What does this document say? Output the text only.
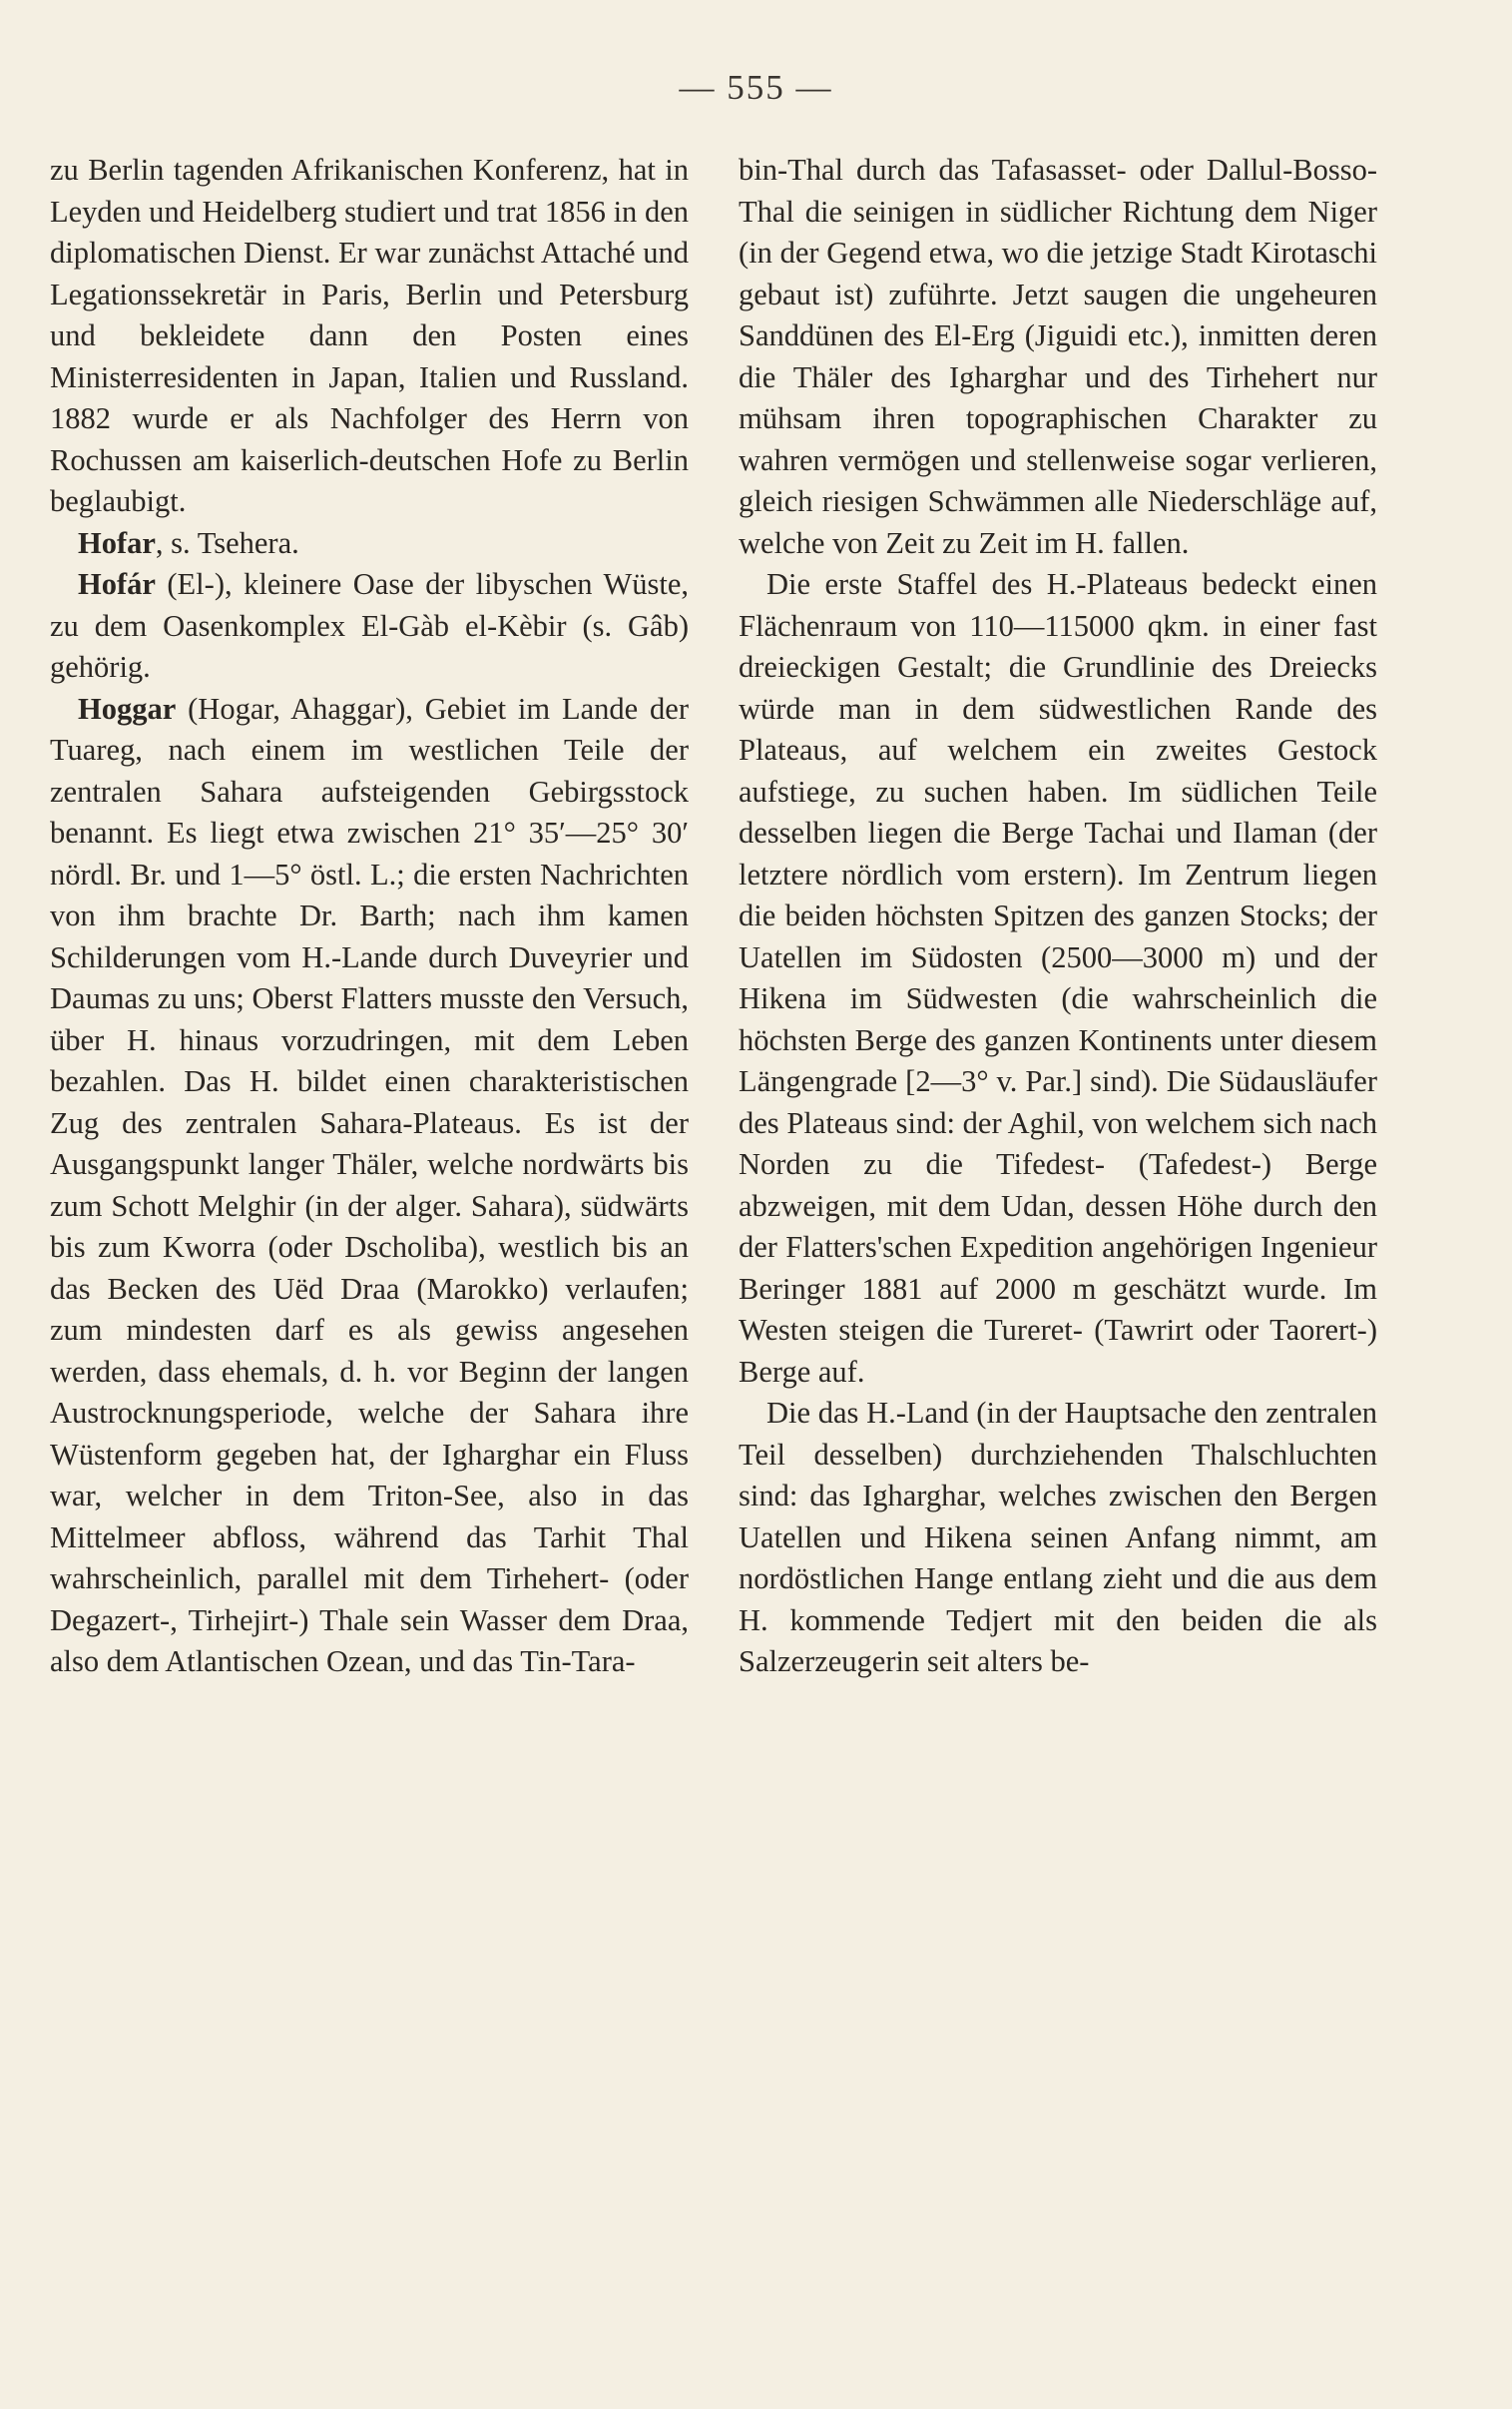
— 555 —

zu Berlin tagenden Afrikanischen Konferenz, hat in Leyden und Heidelberg studiert und trat 1856 in den diplomatischen Dienst. Er war zunächst Attaché und Legationssekretär in Paris, Berlin und Petersburg und bekleidete dann den Posten eines Ministerresidenten in Japan, Italien und Russland. 1882 wurde er als Nachfolger des Herrn von Rochussen am kaiserlich-deutschen Hofe zu Berlin beglaubigt.

Hofar, s. Tsehera.

Hofár (El-), kleinere Oase der libyschen Wüste, zu dem Oasenkomplex El-Gàb el-Kèbir (s. Gâb) gehörig.

Hoggar (Hogar, Ahaggar), Gebiet im Lande der Tuareg, nach einem im westlichen Teile der zentralen Sahara aufsteigenden Gebirgsstock benannt. Es liegt etwa zwischen 21° 35′—25° 30′ nördl. Br. und 1—5° östl. L.; die ersten Nachrichten von ihm brachte Dr. Barth; nach ihm kamen Schilderungen vom H.-Lande durch Duveyrier und Daumas zu uns; Oberst Flatters musste den Versuch, über H. hinaus vorzudringen, mit dem Leben bezahlen. Das H. bildet einen charakteristischen Zug des zentralen Sahara-Plateaus. Es ist der Ausgangspunkt langer Thäler, welche nordwärts bis zum Schott Melghir (in der alger. Sahara), südwärts bis zum Kworra (oder Dscholiba), westlich bis an das Becken des Uëd Draa (Marokko) verlaufen; zum mindesten darf es als gewiss angesehen werden, dass ehemals, d. h. vor Beginn der langen Austrocknungsperiode, welche der Sahara ihre Wüstenform gegeben hat, der Igharghar ein Fluss war, welcher in dem Triton-See, also in das Mittelmeer abfloss, während das Tarhit Thal wahrscheinlich, parallel mit dem Tirhehert- (oder Degazert-, Tirhejirt-) Thale sein Wasser dem Draa, also dem Atlantischen Ozean, und das Tin-Tara-

bin-Thal durch das Tafasasset- oder Dallul-Bosso-Thal die seinigen in südlicher Richtung dem Niger (in der Gegend etwa, wo die jetzige Stadt Kirotaschi gebaut ist) zuführte. Jetzt saugen die ungeheuren Sanddünen des El-Erg (Jiguidi etc.), inmitten deren die Thäler des Igharghar und des Tirhehert nur mühsam ihren topographischen Charakter zu wahren vermögen und stellenweise sogar verlieren, gleich riesigen Schwämmen alle Niederschläge auf, welche von Zeit zu Zeit im H. fallen.

Die erste Staffel des H.-Plateaus bedeckt einen Flächenraum von 110—115000 qkm. in einer fast dreieckigen Gestalt; die Grundlinie des Dreiecks würde man in dem südwestlichen Rande des Plateaus, auf welchem ein zweites Gestock aufstiege, zu suchen haben. Im südlichen Teile desselben liegen die Berge Tachai und Ilaman (der letztere nördlich vom erstern). Im Zentrum liegen die beiden höchsten Spitzen des ganzen Stocks; der Uatellen im Südosten (2500—3000 m) und der Hikena im Südwesten (die wahrscheinlich die höchsten Berge des ganzen Kontinents unter diesem Längengrade [2—3° v. Par.] sind). Die Südausläufer des Plateaus sind: der Aghil, von welchem sich nach Norden zu die Tifedest- (Tafedest-) Berge abzweigen, mit dem Udan, dessen Höhe durch den der Flatters'schen Expedition angehörigen Ingenieur Beringer 1881 auf 2000 m geschätzt wurde. Im Westen steigen die Tureret- (Tawrirt oder Taorert-) Berge auf.

Die das H.-Land (in der Hauptsache den zentralen Teil desselben) durchziehenden Thalschluchten sind: das Igharghar, welches zwischen den Bergen Uatellen und Hikena seinen Anfang nimmt, am nordöstlichen Hange entlang zieht und die aus dem H. kommende Tedjert mit den beiden die als Salzerzeugerin seit alters be-
